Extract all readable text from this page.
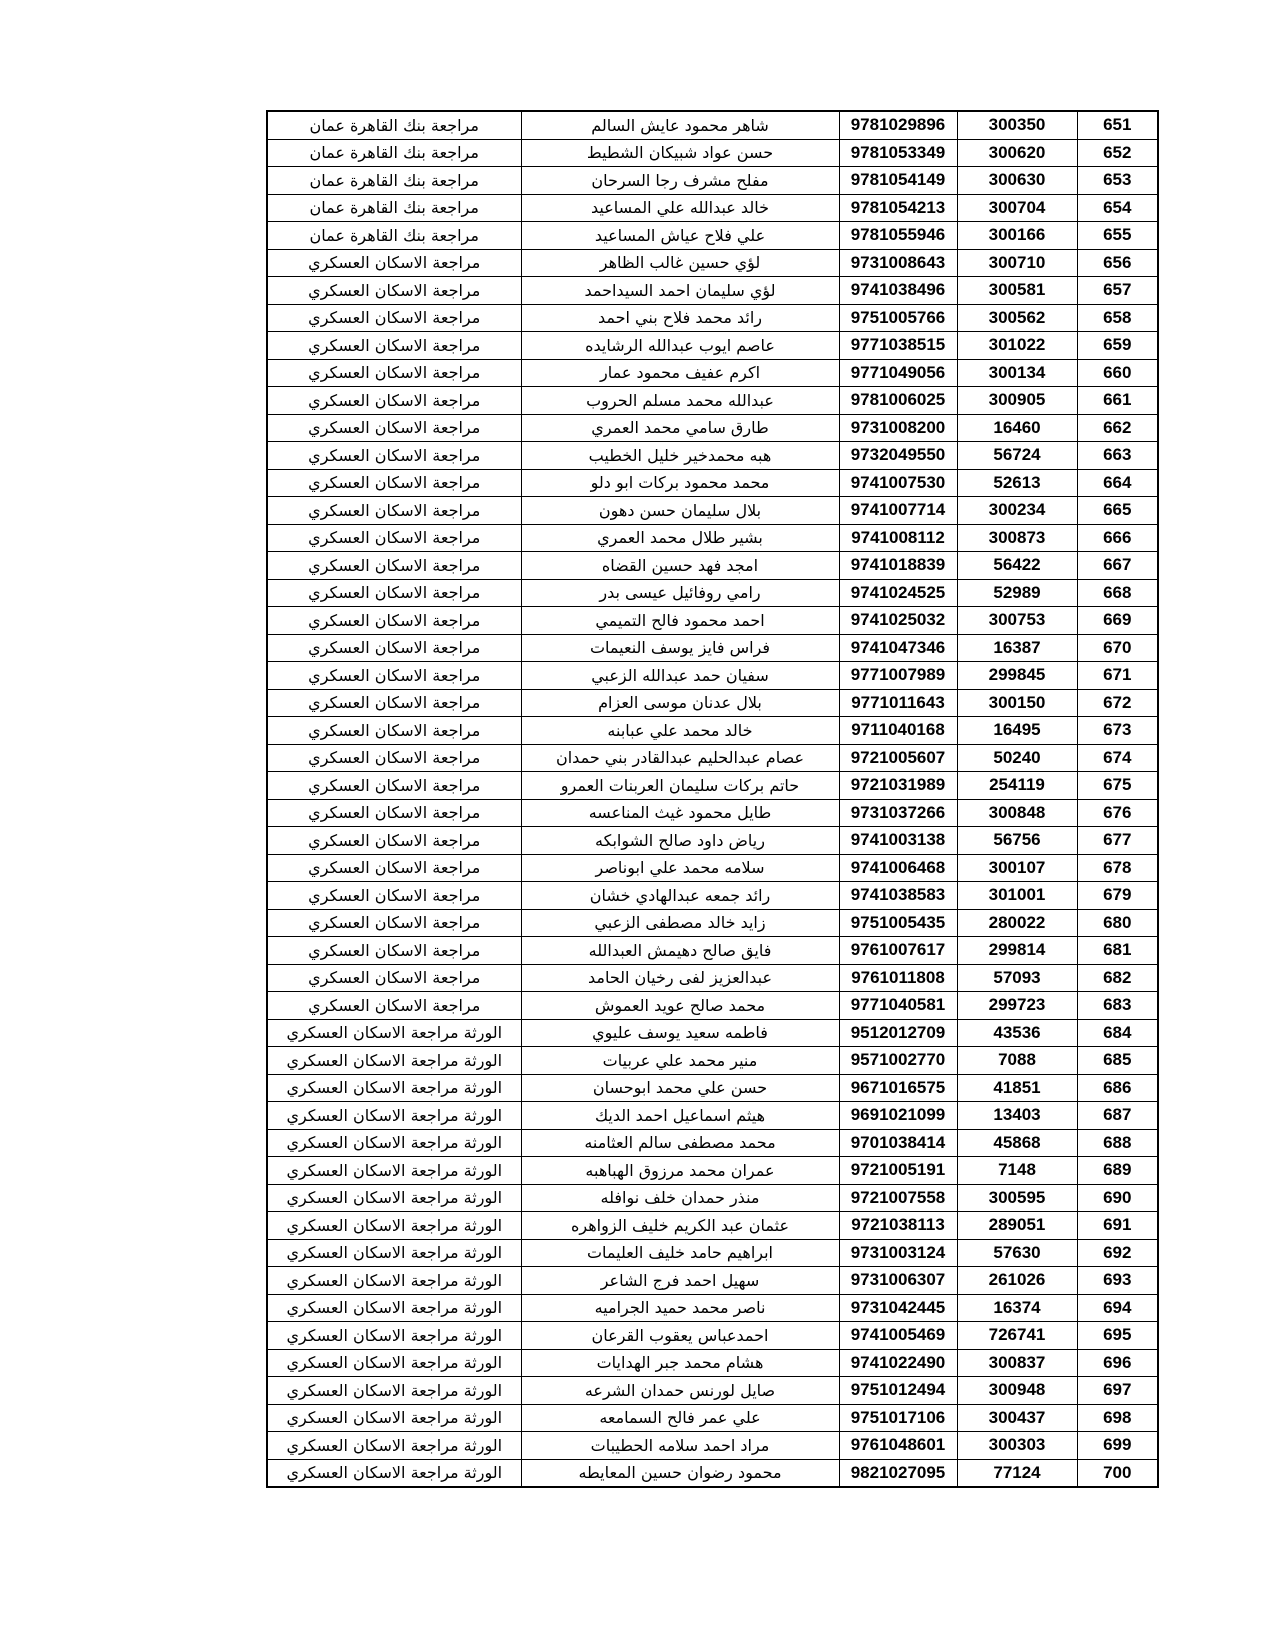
مراجعة بنك القاهرة عمان	شاهر محمود عايش السالم	9781029896	300350	651
مراجعة بنك القاهرة عمان	حسن عواد شبيكان الشطيط	9781053349	300620	652
مراجعة بنك القاهرة عمان	مفلح مشرف رجا السرحان	9781054149	300630	653
مراجعة بنك القاهرة عمان	خالد عبدالله علي المساعيد	9781054213	300704	654
مراجعة بنك القاهرة عمان	علي فلاح عياش المساعيد	9781055946	300166	655
مراجعة الاسكان العسكري	لؤي حسين غالب الظاهر	9731008643	300710	656
مراجعة الاسكان العسكري	لؤي سليمان احمد السيداحمد	9741038496	300581	657
مراجعة الاسكان العسكري	رائد محمد فلاح بني احمد	9751005766	300562	658
مراجعة الاسكان العسكري	عاصم ايوب عبدالله الرشايده	9771038515	301022	659
مراجعة الاسكان العسكري	اكرم عفيف محمود عمار	9771049056	300134	660
مراجعة الاسكان العسكري	عبدالله محمد مسلم الحروب	9781006025	300905	661
مراجعة الاسكان العسكري	طارق سامي محمد العمري	9731008200	16460	662
مراجعة الاسكان العسكري	هبه محمدخير خليل الخطيب	9732049550	56724	663
مراجعة الاسكان العسكري	محمد محمود بركات ابو دلو	9741007530	52613	664
مراجعة الاسكان العسكري	بلال سليمان حسن دهون	9741007714	300234	665
مراجعة الاسكان العسكري	بشير طلال محمد العمري	9741008112	300873	666
مراجعة الاسكان العسكري	امجد فهد حسين القضاه	9741018839	56422	667
مراجعة الاسكان العسكري	رامي روفائيل عيسى بدر	9741024525	52989	668
مراجعة الاسكان العسكري	احمد محمود فالح التميمي	9741025032	300753	669
مراجعة الاسكان العسكري	فراس فايز يوسف النعيمات	9741047346	16387	670
مراجعة الاسكان العسكري	سفيان حمد عبدالله الزعبي	9771007989	299845	671
مراجعة الاسكان العسكري	بلال عدنان موسى العزام	9771011643	300150	672
مراجعة الاسكان العسكري	خالد محمد علي عبابنه	9711040168	16495	673
مراجعة الاسكان العسكري	عصام عبدالحليم عبدالقادر بني حمدان	9721005607	50240	674
مراجعة الاسكان العسكري	حاتم بركات سليمان العربنات العمرو	9721031989	254119	675
مراجعة الاسكان العسكري	طايل محمود غيث المناعسه	9731037266	300848	676
مراجعة الاسكان العسكري	رياض داود صالح الشوابكه	9741003138	56756	677
مراجعة الاسكان العسكري	سلامه محمد علي ابوناصر	9741006468	300107	678
مراجعة الاسكان العسكري	رائد جمعه عبدالهادي خشان	9741038583	301001	679
مراجعة الاسكان العسكري	زايد خالد مصطفى الزعبي	9751005435	280022	680
مراجعة الاسكان العسكري	فايق صالح دهيمش العبدالله	9761007617	299814	681
مراجعة الاسكان العسكري	عبدالعزيز لفى رخيان الحامد	9761011808	57093	682
مراجعة الاسكان العسكري	محمد صالح عويد العموش	9771040581	299723	683
الورثة مراجعة الاسكان العسكري	فاطمه سعيد يوسف عليوي	9512012709	43536	684
الورثة مراجعة الاسكان العسكري	منير محمد علي عربيات	9571002770	7088	685
الورثة مراجعة الاسكان العسكري	حسن علي محمد ابوحسان	9671016575	41851	686
الورثة مراجعة الاسكان العسكري	هيثم اسماعيل احمد الديك	9691021099	13403	687
الورثة مراجعة الاسكان العسكري	محمد مصطفى سالم العثامنه	9701038414	45868	688
الورثة مراجعة الاسكان العسكري	عمران محمد مرزوق الهباهبه	9721005191	7148	689
الورثة مراجعة الاسكان العسكري	منذر حمدان خلف نوافله	9721007558	300595	690
الورثة مراجعة الاسكان العسكري	عثمان عبد الكريم خليف الزواهره	9721038113	289051	691
الورثة مراجعة الاسكان العسكري	ابراهيم حامد خليف العليمات	9731003124	57630	692
الورثة مراجعة الاسكان العسكري	سهيل احمد فرج الشاعر	9731006307	261026	693
الورثة مراجعة الاسكان العسكري	ناصر محمد حميد الجراميه	9731042445	16374	694
الورثة مراجعة الاسكان العسكري	احمدعباس يعقوب القرعان	9741005469	726741	695
الورثة مراجعة الاسكان العسكري	هشام محمد جبر الهدايات	9741022490	300837	696
الورثة مراجعة الاسكان العسكري	صايل لورنس حمدان الشرعه	9751012494	300948	697
الورثة مراجعة الاسكان العسكري	علي عمر فالح السمامعه	9751017106	300437	698
الورثة مراجعة الاسكان العسكري	مراد احمد سلامه الحطيبات	9761048601	300303	699
الورثة مراجعة الاسكان العسكري	محمود رضوان حسين المعايطه	9821027095	77124	700
